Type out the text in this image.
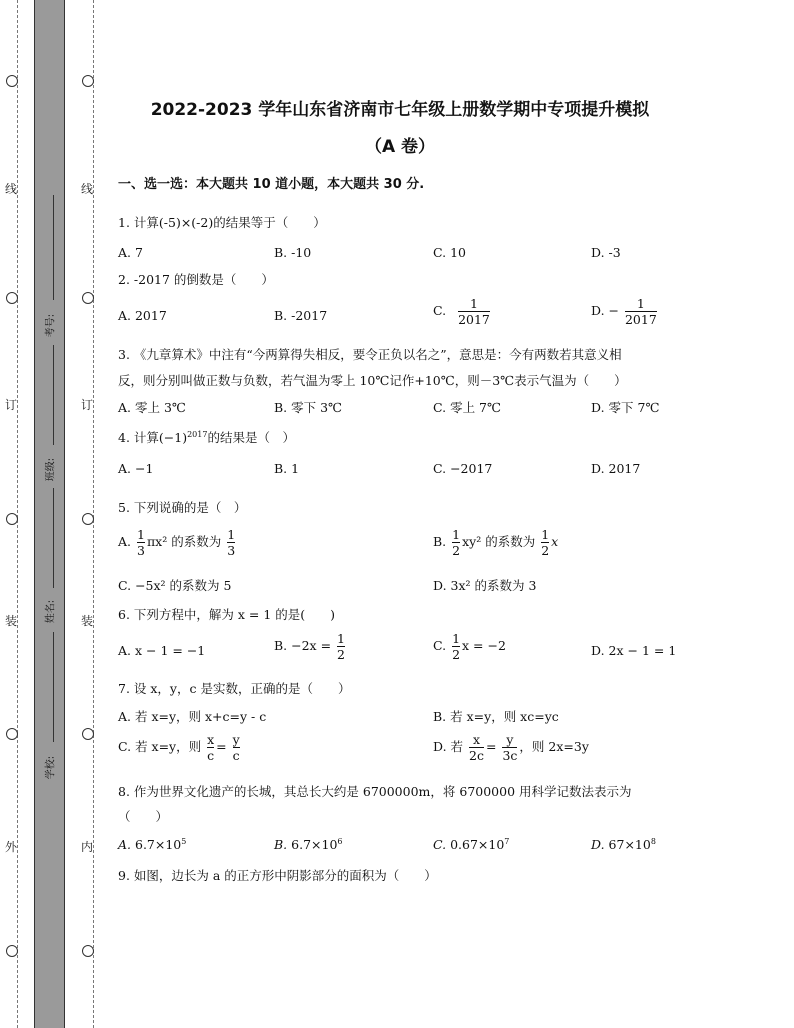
线
订
装
外
线
订
装
内
考号:
班级:
姓名:
学校:
2022-2023 学年山东省济南市七年级上册数学期中专项提升模拟
（A 卷）
一、选一选：本大题共 10 道小题，本大题共 30 分.
1. 计算(-5)×(-2)的结果等于（　　）
A. 7	B. -10	C. 10	D. -3
2. -2017 的倒数是（　　）
A. 2017	B. -2017	C. $\frac{1}{2017}$	D. − $\frac{1}{2017}$
3. 《九章算术》中注有“今两算得失相反，要令正负以名之”，意思是：今有两数若其意义相
反，则分别叫做正数与负数，若气温为零上 10℃记作+10℃，则－3℃表示气温为（　　）
A. 零上 3℃	B. 零下 3℃	C. 零上 7℃	D. 零下 7℃
4. 计算$(-1)^{2017}$的结果是（　）
A. −1	B. 1	C. −2017	D. 2017
5. 下列说确的是（　）
A. $\frac{1}{3} \pi x^2$ 的系数为 $\frac{1}{3}$	B. $\frac{1}{2} xy^2$ 的系数为 $\frac{1}{2}$ x
C. −5x² 的系数为 5	D. 3x² 的系数为 3
6. 下列方程中，解为 x = 1 的是(　　)
A. x − 1 = −1	B. $-2x = \frac{1}{2}$	C. $\frac{1}{2}$ x = −2	D. 2x − 1 = 1
7. 设 x，y，c 是实数，正确的是（　　）
A. 若 x=y，则 x+c=y - c	B. 若 x=y，则 xc=yc
C. 若 x=y，则 $\frac{x}{c} = \frac{y}{c}$	D. 若 $\frac{x}{2c} = \frac{y}{3c}$ ，则 2x=3y
8. 作为世界文化遗产的长城，其总长大约是 6700000m，将 6700000 用科学记数法表示为
（　　）
A. $6.7\times 10^5$	B. $6.7\times 10^6$	C. $0.67\times 10^7$	D. $67\times 10^8$
9. 如图，边长为 a 的正方形中阴影部分的面积为（　　）
